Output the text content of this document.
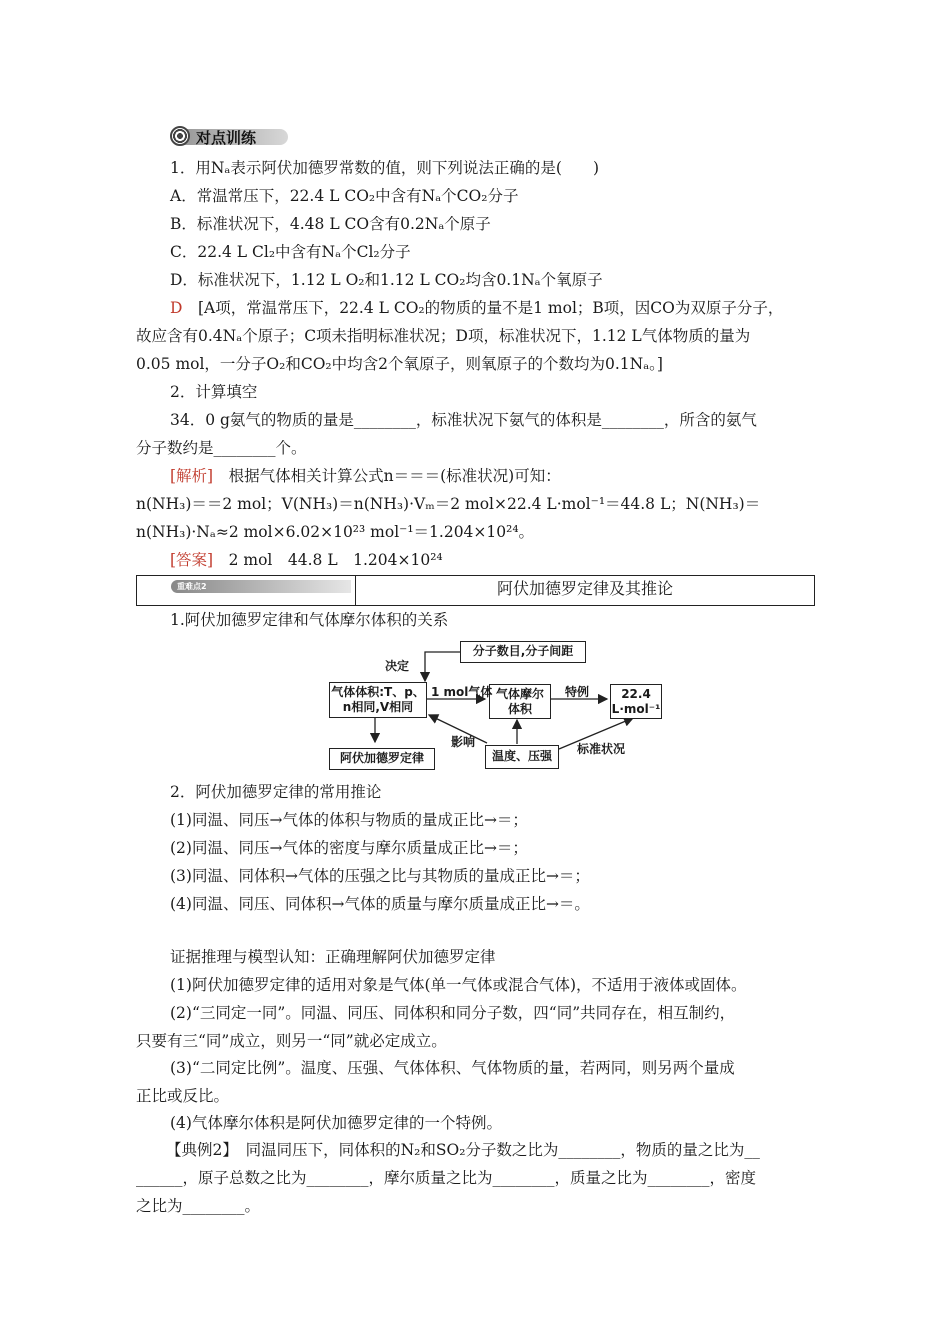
对点训练
1．用Nₐ表示阿伏加德罗常数的值，则下列说法正确的是(　　)
A．常温常压下，22.4 L CO₂中含有Nₐ个CO₂分子
B．标准状况下，4.48 L CO含有0.2Nₐ个原子
C．22.4 L Cl₂中含有Nₐ个Cl₂分子
D．标准状况下，1.12 L O₂和1.12 L CO₂均含0.1Nₐ个氧原子
D　 [A项，常温常压下，22.4 L CO₂的物质的量不是1 mol；B项，因CO为双原子分子，
故应含有0.4Nₐ个原子；C项未指明标准状况；D项，标准状况下，1.12 L气体物质的量为
0.05 mol，一分子O₂和CO₂中均含2个氧原子，则氧原子的个数均为0.1Nₐ。]
2．计算填空
34．0 g氨气的物质的量是________，标准状况下氨气的体积是________，所含的氨气
分子数约是________个。
[解析]　根据气体相关计算公式n＝＝＝(标准状况)可知：
n(NH₃)＝＝2 mol；V(NH₃)＝n(NH₃)·Vₘ＝2 mol×22.4 L·mol⁻¹＝44.8 L；N(NH₃)＝
n(NH₃)·Nₐ≈2 mol×6.02×10²³ mol⁻¹＝1.204×10²⁴。
[答案]　2 mol　44.8 L　1.204×10²⁴
重难点2	阿伏加德罗定律及其推论
1.阿伏加德罗定律和气体摩尔体积的关系
分子数目,分子间距
气体体积:T、p、
n相同,V相同
气体摩尔
体积
22.4
L·mol⁻¹
阿伏加德罗定律	温度、压强
决定
1 mol气体	特例
影响	标准状况
2．阿伏加德罗定律的常用推论
(1)同温、同压→气体的体积与物质的量成正比→＝；
(2)同温、同压→气体的密度与摩尔质量成正比→＝；
(3)同温、同体积→气体的压强之比与其物质的量成正比→＝；
(4)同温、同压、同体积→气体的质量与摩尔质量成正比→＝。
证据推理与模型认知：正确理解阿伏加德罗定律
(1)阿伏加德罗定律的适用对象是气体(单一气体或混合气体)，不适用于液体或固体。
(2)“三同定一同”。同温、同压、同体积和同分子数，四“同”共同存在，相互制约，
只要有三“同”成立，则另一“同”就必定成立。
(3)“二同定比例”。温度、压强、气体体积、气体物质的量，若两同，则另两个量成
正比或反比。
(4)气体摩尔体积是阿伏加德罗定律的一个特例。
【典例2】　同温同压下，同体积的N₂和SO₂分子数之比为________，物质的量之比为__
______，原子总数之比为________，摩尔质量之比为________，质量之比为________，密度
之比为________。
